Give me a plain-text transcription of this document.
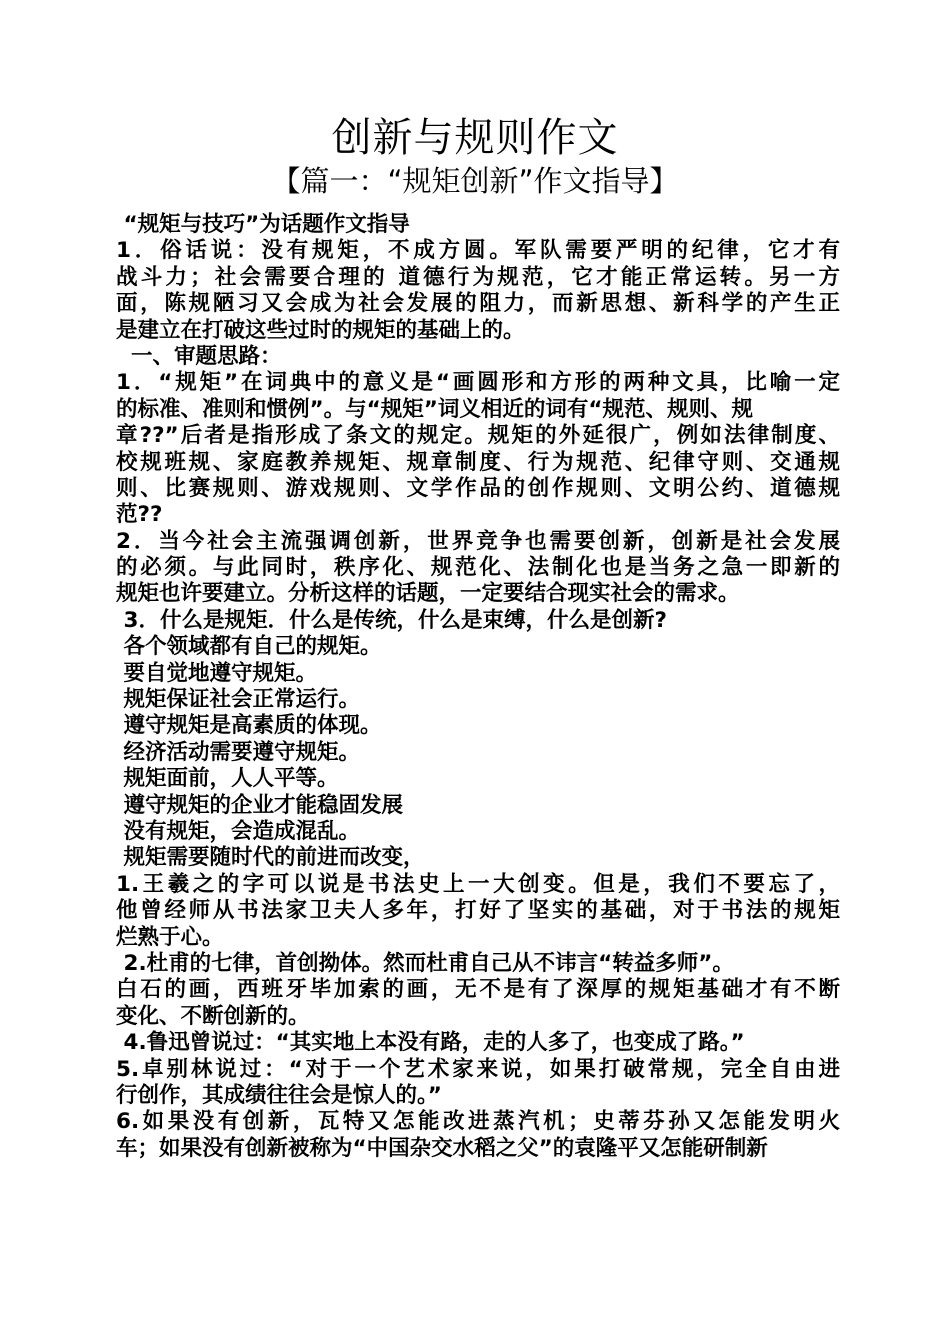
创新与规则作文
【篇一：“规矩创新”作文指导】
“规矩与技巧”为话题作文指导
1．俗话说：没有规矩，不成方圆。军队需要严明的纪律，它才有
战斗力；社会需要合理的 道德行为规范，它才能正常运转。另一方
面，陈规陋习又会成为社会发展的阻力，而新思想、新科学的产生正
是建立在打破这些过时的规矩的基础上的。
一、审题思路：
1．“规矩”在词典中的意义是“画圆形和方形的两种文具，比喻一定
的标准、准则和惯例”。与“规矩”词义相近的词有“规范、规则、规
章??”后者是指形成了条文的规定。规矩的外延很广，例如法律制度、
校规班规、家庭教养规矩、规章制度、行为规范、纪律守则、交通规
则、比赛规则、游戏规则、文学作品的创作规则、文明公约、道德规
范??
2．当今社会主流强调创新，世界竞争也需要创新，创新是社会发展
的必须。与此同时，秩序化、规范化、法制化也是当务之急一即新的
规矩也许要建立。分析这样的话题，一定要结合现实社会的需求。
3．什么是规矩．什么是传统，什么是束缚，什么是创新?
各个领域都有自己的规矩。
要自觉地遵守规矩。
规矩保证社会正常运行。
遵守规矩是高素质的体现。
经济活动需要遵守规矩。
规矩面前，人人平等。
遵守规矩的企业才能稳固发展
没有规矩，会造成混乱。
规矩需要随时代的前进而改变，
1.王羲之的字可以说是书法史上一大创变。但是，我们不要忘了，
他曾经师从书法家卫夫人多年，打好了坚实的基础，对于书法的规矩
烂熟于心。
2.杜甫的七律，首创拗体。然而杜甫自己从不讳言“转益多师”。
白石的画，西班牙毕加索的画，无不是有了深厚的规矩基础才有不断
变化、不断创新的。
4.鲁迅曾说过：“其实地上本没有路，走的人多了，也变成了路。”
5.卓别林说过：“对于一个艺术家来说，如果打破常规，完全自由进
行创作，其成绩往往会是惊人的。”
6.如果没有创新，瓦特又怎能改进蒸汽机；史蒂芬孙又怎能发明火
车；如果没有创新被称为“中国杂交水稻之父”的袁隆平又怎能研制新
